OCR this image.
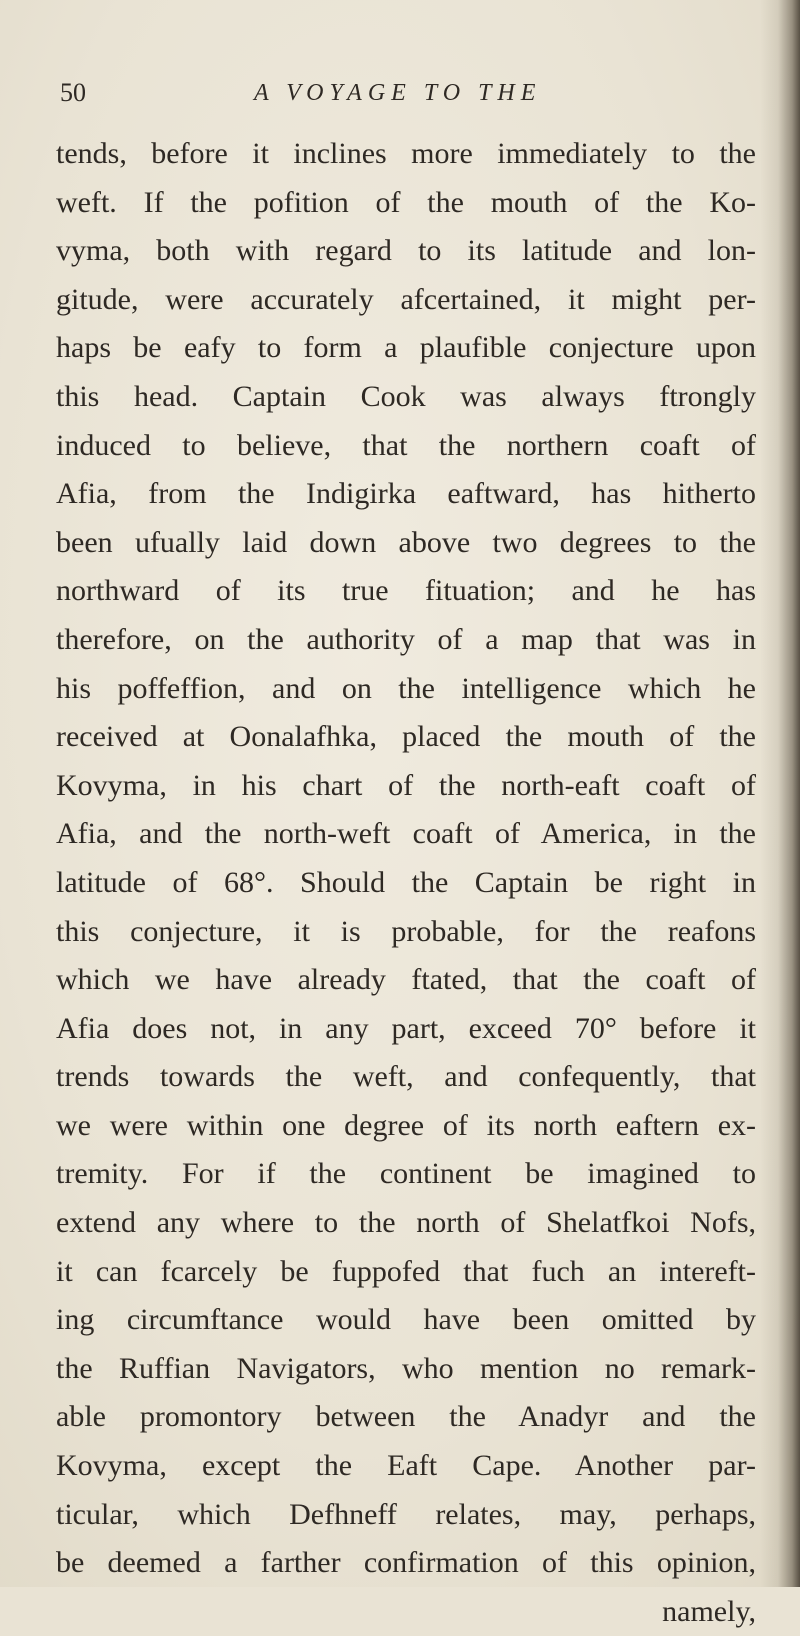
50	A VOYAGE TO THE
tends, before it inclines more immediately to the
weft. If the pofition of the mouth of the Ko-
vyma, both with regard to its latitude and lon-
gitude, were accurately afcertained, it might per-
haps be eafy to form a plaufible conjecture upon
this head. Captain Cook was always ftrongly
induced to believe, that the northern coaft of
Afia, from the Indigirka eaftward, has hitherto
been ufually laid down above two degrees to the
northward of its true fituation; and he has
therefore, on the authority of a map that was in
his poffeffion, and on the intelligence which he
received at Oonalafhka, placed the mouth of the
Kovyma, in his chart of the north-eaft coaft of
Afia, and the north-weft coaft of America, in the
latitude of 68°. Should the Captain be right in
this conjecture, it is probable, for the reafons
which we have already ftated, that the coaft of
Afia does not, in any part, exceed 70° before it
trends towards the weft, and confequently, that
we were within one degree of its north eaftern ex-
tremity. For if the continent be imagined to
extend any where to the north of Shelatfkoi Nofs,
it can fcarcely be fuppofed that fuch an intereft-
ing circumftance would have been omitted by
the Ruffian Navigators, who mention no remark-
able promontory between the Anadyr and the
Kovyma, except the Eaft Cape. Another par-
ticular, which Defhneff relates, may, perhaps,
be deemed a farther confirmation of this opinion,
namely,
